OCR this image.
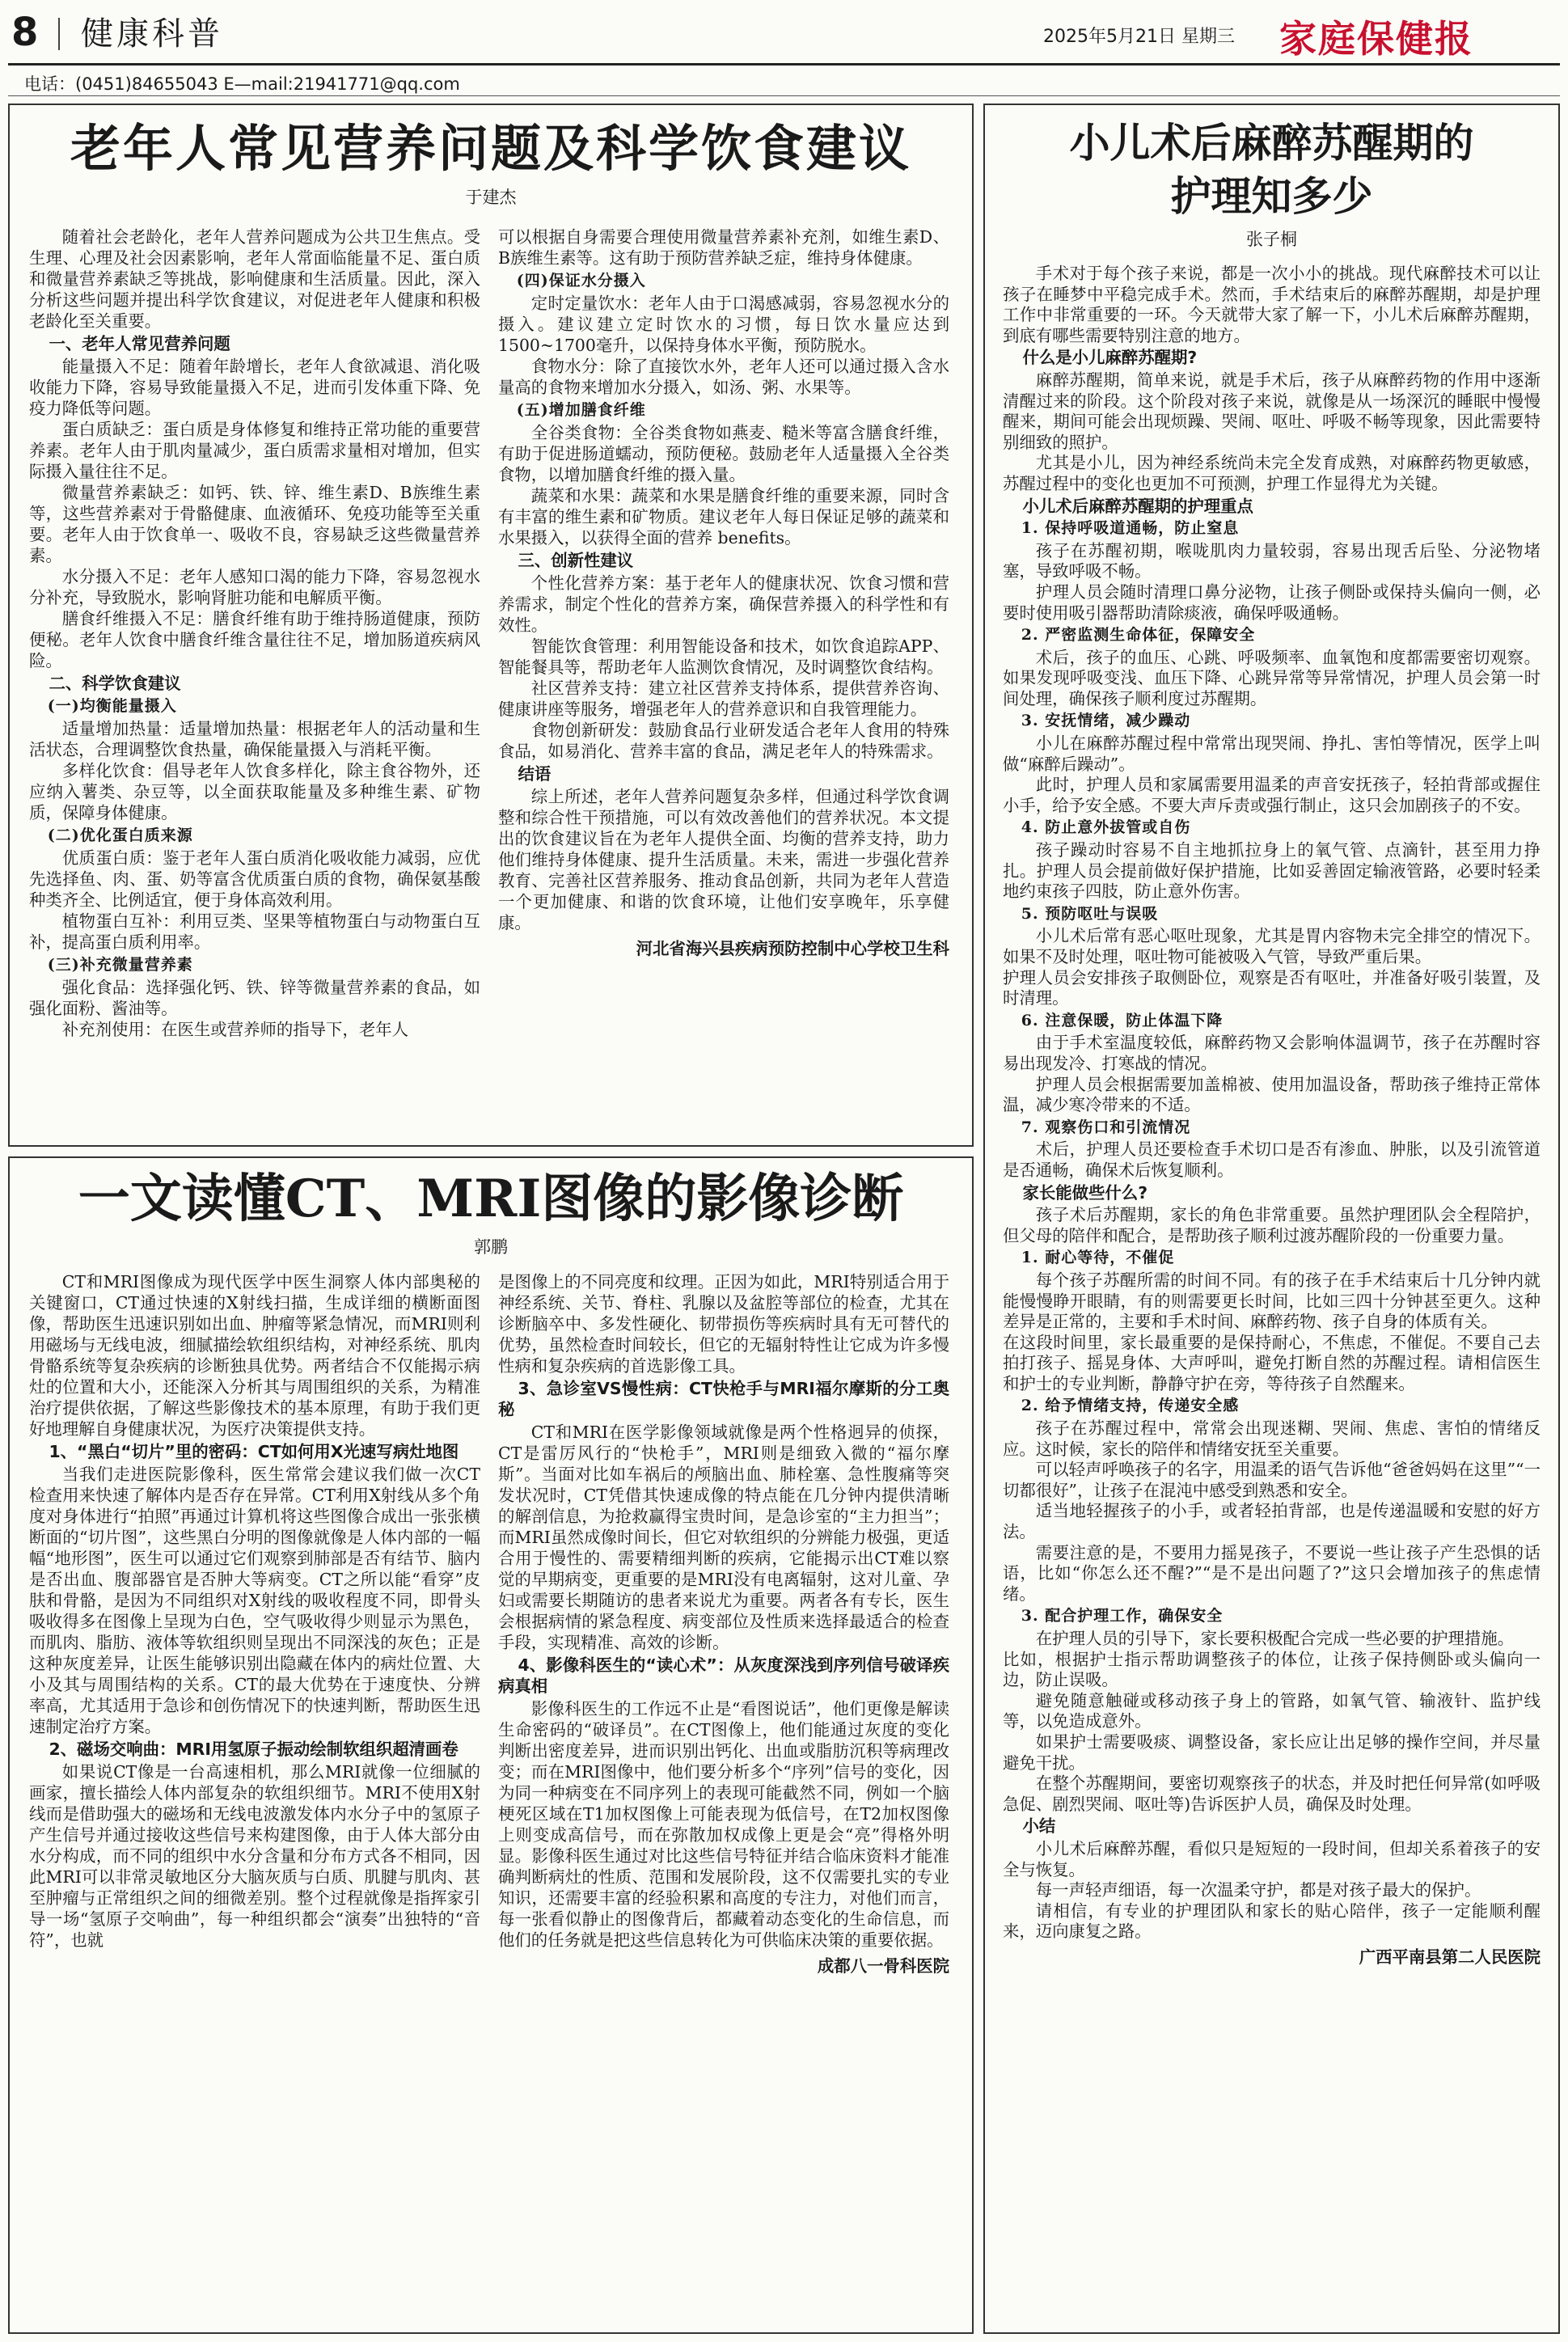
8 健康科普	2025年5月21日 星期三 家庭保健报
电话：(0451)84655043 E—mail:21941771@qq.com
老年人常见营养问题及科学饮食建议
于建杰

随着社会老龄化，老年人营养问题成为公共卫生焦点。受生理、心理及社会因素影响，老年人常面临能量不足、蛋白质和微量营养素缺乏等挑战，影响健康和生活质量。因此，深入分析这些问题并提出科学饮食建议，对促进老年人健康和积极老龄化至关重要。

一、老年人常见营养问题

能量摄入不足：随着年龄增长，老年人食欲减退、消化吸收能力下降，容易导致能量摄入不足，进而引发体重下降、免疫力降低等问题。

蛋白质缺乏：蛋白质是身体修复和维持正常功能的重要营养素。老年人由于肌肉量减少，蛋白质需求量相对增加，但实际摄入量往往不足。

微量营养素缺乏：如钙、铁、锌、维生素D、B族维生素等，这些营养素对于骨骼健康、血液循环、免疫功能等至关重要。老年人由于饮食单一、吸收不良，容易缺乏这些微量营养素。

水分摄入不足：老年人感知口渴的能力下降，容易忽视水分补充，导致脱水，影响肾脏功能和电解质平衡。

膳食纤维摄入不足：膳食纤维有助于维持肠道健康，预防便秘。老年人饮食中膳食纤维含量往往不足，增加肠道疾病风险。

二、科学饮食建议

(一)均衡能量摄入

适量增加热量：适量增加热量：根据老年人的活动量和生活状态，合理调整饮食热量，确保能量摄入与消耗平衡。

多样化饮食：倡导老年人饮食多样化，除主食谷物外，还应纳入薯类、杂豆等，以全面获取能量及多种维生素、矿物质，保障身体健康。

(二)优化蛋白质来源

优质蛋白质：鉴于老年人蛋白质消化吸收能力减弱，应优先选择鱼、肉、蛋、奶等富含优质蛋白质的食物，确保氨基酸种类齐全、比例适宜，便于身体高效利用。

植物蛋白互补：利用豆类、坚果等植物蛋白与动物蛋白互补，提高蛋白质利用率。

(三)补充微量营养素

强化食品：选择强化钙、铁、锌等微量营养素的食品，如强化面粉、酱油等。

补充剂使用：在医生或营养师的指导下，老年人

可以根据自身需要合理使用微量营养素补充剂，如维生素D、B族维生素等。这有助于预防营养缺乏症，维持身体健康。

(四)保证水分摄入

定时定量饮水：老年人由于口渴感减弱，容易忽视水分的摄入。建议建立定时饮水的习惯，每日饮水量应达到1500~1700毫升，以保持身体水平衡，预防脱水。

食物水分：除了直接饮水外，老年人还可以通过摄入含水量高的食物来增加水分摄入，如汤、粥、水果等。

(五)增加膳食纤维

全谷类食物：全谷类食物如燕麦、糙米等富含膳食纤维，有助于促进肠道蠕动，预防便秘。鼓励老年人适量摄入全谷类食物，以增加膳食纤维的摄入量。

蔬菜和水果：蔬菜和水果是膳食纤维的重要来源，同时含有丰富的维生素和矿物质。建议老年人每日保证足够的蔬菜和水果摄入，以获得全面的营养 benefits。

三、创新性建议

个性化营养方案：基于老年人的健康状况、饮食习惯和营养需求，制定个性化的营养方案，确保营养摄入的科学性和有效性。

智能饮食管理：利用智能设备和技术，如饮食追踪APP、智能餐具等，帮助老年人监测饮食情况，及时调整饮食结构。

社区营养支持：建立社区营养支持体系，提供营养咨询、健康讲座等服务，增强老年人的营养意识和自我管理能力。

食物创新研发：鼓励食品行业研发适合老年人食用的特殊食品，如易消化、营养丰富的食品，满足老年人的特殊需求。

结语

综上所述，老年人营养问题复杂多样，但通过科学饮食调整和综合性干预措施，可以有效改善他们的营养状况。本文提出的饮食建议旨在为老年人提供全面、均衡的营养支持，助力他们维持身体健康、提升生活质量。未来，需进一步强化营养教育、完善社区营养服务、推动食品创新，共同为老年人营造一个更加健康、和谐的饮食环境，让他们安享晚年，乐享健康。

河北省海兴县疾病预防控制中心学校卫生科

一文读懂CT、MRI图像的影像诊断
郭鹏

CT和MRI图像成为现代医学中医生洞察人体内部奥秘的关键窗口，CT通过快速的X射线扫描，生成详细的横断面图像，帮助医生迅速识别如出血、肿瘤等紧急情况，而MRI则利用磁场与无线电波，细腻描绘软组织结构，对神经系统、肌肉骨骼系统等复杂疾病的诊断独具优势。两者结合不仅能揭示病灶的位置和大小，还能深入分析其与周围组织的关系，为精准治疗提供依据，了解这些影像技术的基本原理，有助于我们更好地理解自身健康状况，为医疗决策提供支持。

1、“黑白“切片”里的密码：CT如何用X光速写病灶地图

当我们走进医院影像科，医生常常会建议我们做一次CT检查用来快速了解体内是否存在异常。CT利用X射线从多个角度对身体进行“拍照”再通过计算机将这些图像合成出一张张横断面的“切片图”，这些黑白分明的图像就像是人体内部的一幅幅“地形图”，医生可以通过它们观察到肺部是否有结节、脑内是否出血、腹部器官是否肿大等病变。CT之所以能“看穿”皮肤和骨骼，是因为不同组织对X射线的吸收程度不同，即骨头吸收得多在图像上呈现为白色，空气吸收得少则显示为黑色，而肌肉、脂肪、液体等软组织则呈现出不同深浅的灰色；正是这种灰度差异，让医生能够识别出隐藏在体内的病灶位置、大小及其与周围结构的关系。CT的最大优势在于速度快、分辨率高，尤其适用于急诊和创伤情况下的快速判断，帮助医生迅速制定治疗方案。

2、磁场交响曲：MRI用氢原子振动绘制软组织超清画卷

如果说CT像是一台高速相机，那么MRI就像一位细腻的画家，擅长描绘人体内部复杂的软组织细节。MRI不使用X射线而是借助强大的磁场和无线电波激发体内水分子中的氢原子产生信号并通过接收这些信号来构建图像，由于人体大部分由水分构成，而不同的组织中水分含量和分布方式各不相同，因此MRI可以非常灵敏地区分大脑灰质与白质、肌腱与肌肉、甚至肿瘤与正常组织之间的细微差别。整个过程就像是指挥家引导一场“氢原子交响曲”，每一种组织都会“演奏”出独特的“音符”，也就

是图像上的不同亮度和纹理。正因为如此，MRI特别适合用于神经系统、关节、脊柱、乳腺以及盆腔等部位的检查，尤其在诊断脑卒中、多发性硬化、韧带损伤等疾病时具有无可替代的优势，虽然检查时间较长，但它的无辐射特性让它成为许多慢性病和复杂疾病的首选影像工具。

3、急诊室VS慢性病：CT快枪手与MRI福尔摩斯的分工奥秘

CT和MRI在医学影像领域就像是两个性格迥异的侦探，CT是雷厉风行的“快枪手”，MRI则是细致入微的“福尔摩斯”。当面对比如车祸后的颅脑出血、肺栓塞、急性腹痛等突发状况时，CT凭借其快速成像的特点能在几分钟内提供清晰的解剖信息，为抢救赢得宝贵时间，是急诊室的“主力担当”；而MRI虽然成像时间长，但它对软组织的分辨能力极强，更适合用于慢性的、需要精细判断的疾病，它能揭示出CT难以察觉的早期病变，更重要的是MRI没有电离辐射，这对儿童、孕妇或需要长期随访的患者来说尤为重要。两者各有专长，医生会根据病情的紧急程度、病变部位及性质来选择最适合的检查手段，实现精准、高效的诊断。

4、影像科医生的“读心术”：从灰度深浅到序列信号破译疾病真相

影像科医生的工作远不止是“看图说话”，他们更像是解读生命密码的“破译员”。在CT图像上，他们能通过灰度的变化判断出密度差异，进而识别出钙化、出血或脂肪沉积等病理改变；而在MRI图像中，他们要分析多个“序列”信号的变化，因为同一种病变在不同序列上的表现可能截然不同，例如一个脑梗死区域在T1加权图像上可能表现为低信号，在T2加权图像上则变成高信号，而在弥散加权成像上更是会“亮”得格外明显。影像科医生通过对比这些信号特征并结合临床资料才能准确判断病灶的性质、范围和发展阶段，这不仅需要扎实的专业知识，还需要丰富的经验积累和高度的专注力，对他们而言，每一张看似静止的图像背后，都藏着动态变化的生命信息，而他们的任务就是把这些信息转化为可供临床决策的重要依据。

成都八一骨科医院

小儿术后麻醉苏醒期的
护理知多少
张子桐

手术对于每个孩子来说，都是一次小小的挑战。现代麻醉技术可以让孩子在睡梦中平稳完成手术。然而，手术结束后的麻醉苏醒期，却是护理工作中非常重要的一环。今天就带大家了解一下，小儿术后麻醉苏醒期，到底有哪些需要特别注意的地方。

什么是小儿麻醉苏醒期?

麻醉苏醒期，简单来说，就是手术后，孩子从麻醉药物的作用中逐渐清醒过来的阶段。这个阶段对孩子来说，就像是从一场深沉的睡眠中慢慢醒来，期间可能会出现烦躁、哭闹、呕吐、呼吸不畅等现象，因此需要特别细致的照护。

尤其是小儿，因为神经系统尚未完全发育成熟，对麻醉药物更敏感，苏醒过程中的变化也更加不可预测，护理工作显得尤为关键。

小儿术后麻醉苏醒期的护理重点

1. 保持呼吸道通畅，防止窒息

孩子在苏醒初期，喉咙肌肉力量较弱，容易出现舌后坠、分泌物堵塞，导致呼吸不畅。

护理人员会随时清理口鼻分泌物，让孩子侧卧或保持头偏向一侧，必要时使用吸引器帮助清除痰液，确保呼吸通畅。

2. 严密监测生命体征，保障安全

术后，孩子的血压、心跳、呼吸频率、血氧饱和度都需要密切观察。如果发现呼吸变浅、血压下降、心跳异常等异常情况，护理人员会第一时间处理，确保孩子顺利度过苏醒期。

3. 安抚情绪，减少躁动

小儿在麻醉苏醒过程中常常出现哭闹、挣扎、害怕等情况，医学上叫做“麻醉后躁动”。

此时，护理人员和家属需要用温柔的声音安抚孩子，轻拍背部或握住小手，给予安全感。不要大声斥责或强行制止，这只会加剧孩子的不安。

4. 防止意外拔管或自伤

孩子躁动时容易不自主地抓拉身上的氧气管、点滴针，甚至用力挣扎。护理人员会提前做好保护措施，比如妥善固定输液管路，必要时轻柔地约束孩子四肢，防止意外伤害。

5. 预防呕吐与误吸

小儿术后常有恶心呕吐现象，尤其是胃内容物未完全排空的情况下。如果不及时处理，呕吐物可能被吸入气管，导致严重后果。

护理人员会安排孩子取侧卧位，观察是否有呕吐，并准备好吸引装置，及时清理。

6. 注意保暖，防止体温下降

由于手术室温度较低，麻醉药物又会影响体温调节，孩子在苏醒时容易出现发冷、打寒战的情况。

护理人员会根据需要加盖棉被、使用加温设备，帮助孩子维持正常体温，减少寒冷带来的不适。

7. 观察伤口和引流情况

术后，护理人员还要检查手术切口是否有渗血、肿胀，以及引流管道是否通畅，确保术后恢复顺利。

家长能做些什么?

孩子术后苏醒期，家长的角色非常重要。虽然护理团队会全程陪护，但父母的陪伴和配合，是帮助孩子顺利过渡苏醒阶段的一份重要力量。

1. 耐心等待，不催促

每个孩子苏醒所需的时间不同。有的孩子在手术结束后十几分钟内就能慢慢睁开眼睛，有的则需要更长时间，比如三四十分钟甚至更久。这种差异是正常的，主要和手术时间、麻醉药物、孩子自身的体质有关。

在这段时间里，家长最重要的是保持耐心，不焦虑，不催促。不要自己去拍打孩子、摇晃身体、大声呼叫，避免打断自然的苏醒过程。请相信医生和护士的专业判断，静静守护在旁，等待孩子自然醒来。

2. 给予情绪支持，传递安全感

孩子在苏醒过程中，常常会出现迷糊、哭闹、焦虑、害怕的情绪反应。这时候，家长的陪伴和情绪安抚至关重要。

可以轻声呼唤孩子的名字，用温柔的语气告诉他“爸爸妈妈在这里”“一切都很好”，让孩子在混沌中感受到熟悉和安全。

适当地轻握孩子的小手，或者轻拍背部，也是传递温暖和安慰的好方法。

需要注意的是，不要用力摇晃孩子，不要说一些让孩子产生恐惧的话语，比如“你怎么还不醒?”“是不是出问题了?”这只会增加孩子的焦虑情绪。

3. 配合护理工作，确保安全

在护理人员的引导下，家长要积极配合完成一些必要的护理措施。

比如，根据护士指示帮助调整孩子的体位，让孩子保持侧卧或头偏向一边，防止误吸。

避免随意触碰或移动孩子身上的管路，如氧气管、输液针、监护线等，以免造成意外。

如果护士需要吸痰、调整设备，家长应让出足够的操作空间，并尽量避免干扰。

在整个苏醒期间，要密切观察孩子的状态，并及时把任何异常(如呼吸急促、剧烈哭闹、呕吐等)告诉医护人员，确保及时处理。

小结

小儿术后麻醉苏醒，看似只是短短的一段时间，但却关系着孩子的安全与恢复。

每一声轻声细语，每一次温柔守护，都是对孩子最大的保护。

请相信，有专业的护理团队和家长的贴心陪伴，孩子一定能顺利醒来，迈向康复之路。

广西平南县第二人民医院
